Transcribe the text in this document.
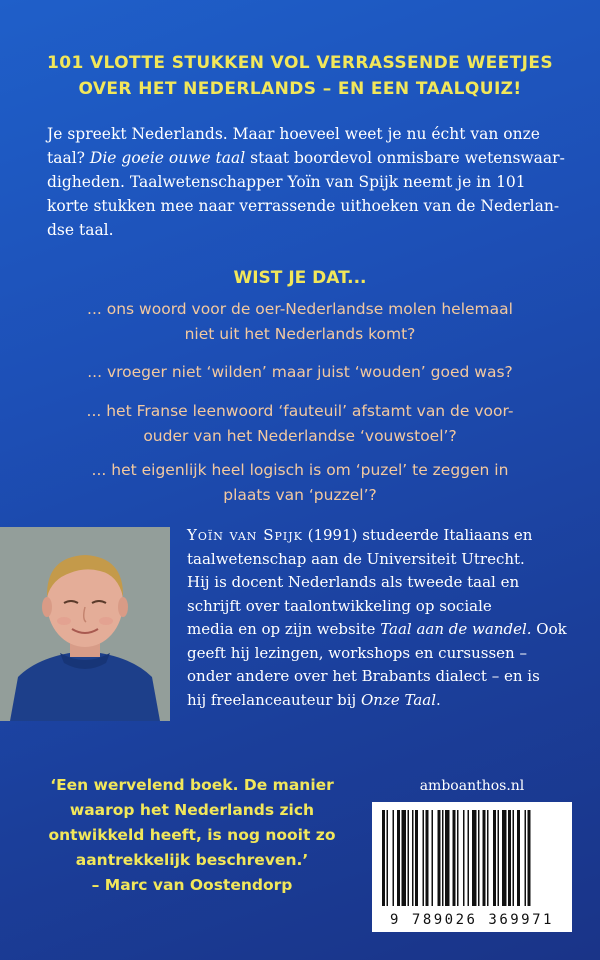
101 VLOTTE STUKKEN VOL VERRASSENDE WEETJES
OVER HET NEDERLANDS – EN EEN TAALQUIZ!
Je spreekt Nederlands. Maar hoeveel weet je nu écht van onze
taal? Die goeie ouwe taal staat boordevol onmisbare wetenswaar-
digheden. Taalwetenschapper Yoïn van Spijk neemt je in 101
korte stukken mee naar verrassende uithoeken van de Nederlan-
dse taal.
WIST JE DAT...
... ons woord voor de oer-Nederlandse molen helemaal
niet uit het Nederlands komt?
... vroeger niet ‘wilden’ maar juist ‘wouden’ goed was?
... het Franse leenwoord ‘fauteuil’ afstamt van de voor-
ouder van het Nederlandse ‘vouwstoel’?
... het eigenlijk heel logisch is om ‘puzel’ te zeggen in
plaats van ‘puzzel’?
Yoïn van Spijk (1991) studeerde Italiaans en
taalwetenschap aan de Universiteit Utrecht.
Hij is docent Nederlands als tweede taal en
schrijft over taalontwikkeling op sociale
media en op zijn website Taal aan de wandel. Ook
geeft hij lezingen, workshops en cursussen –
onder andere over het Brabants dialect – en is
hij freelanceauteur bij Onze Taal.
‘Een wervelend boek. De manier
waarop het Nederlands zich
ontwikkeld heeft, is nog nooit zo
aantrekkelijk beschreven.’
– Marc van Oostendorp
amboanthos.nl
9 789026 369971
